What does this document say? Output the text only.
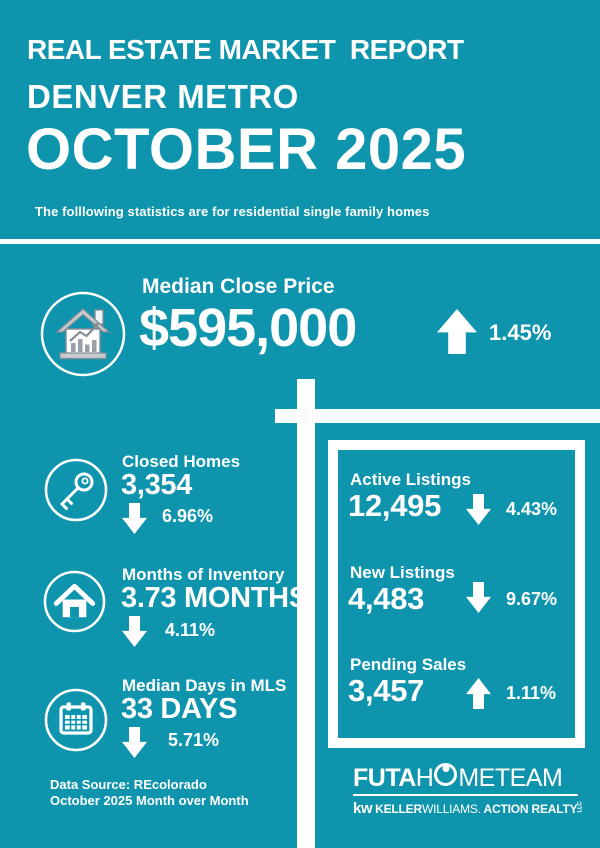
REAL ESTATE MARKET  REPORT
DENVER METRO
OCTOBER 2025
The folllowing statistics are for residential single family homes
Median Close Price
$595,000	1.45%
Closed Homes
3,354
6.96%
Months of Inventory
3.73 MONTHS
4.11%
Median Days in MLS
33 DAYS
5.71%
Active Listings
12,495	4.43%
New Listings
4,483	9.67%
Pending Sales
3,457	1.11%
Data Source: REcolorado
October 2025 Month over Month
FUTAH METEAM
kw KELLERWILLIAMS. ACTION REALTYLLC
